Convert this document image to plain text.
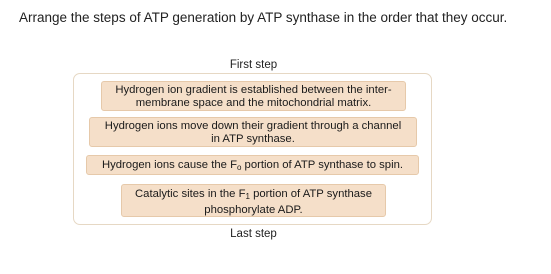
Arrange the steps of ATP generation by ATP synthase in the order that they occur.
First step
Hydrogen ion gradient is established between the inter-
membrane space and the mitochondrial matrix.
Hydrogen ions move down their gradient through a channel
in ATP synthase.
Hydrogen ions cause the $F_o$ portion of ATP synthase to spin.
Catalytic sites in the $F_1$ portion of ATP synthase
phosphorylate ADP.
Last step
